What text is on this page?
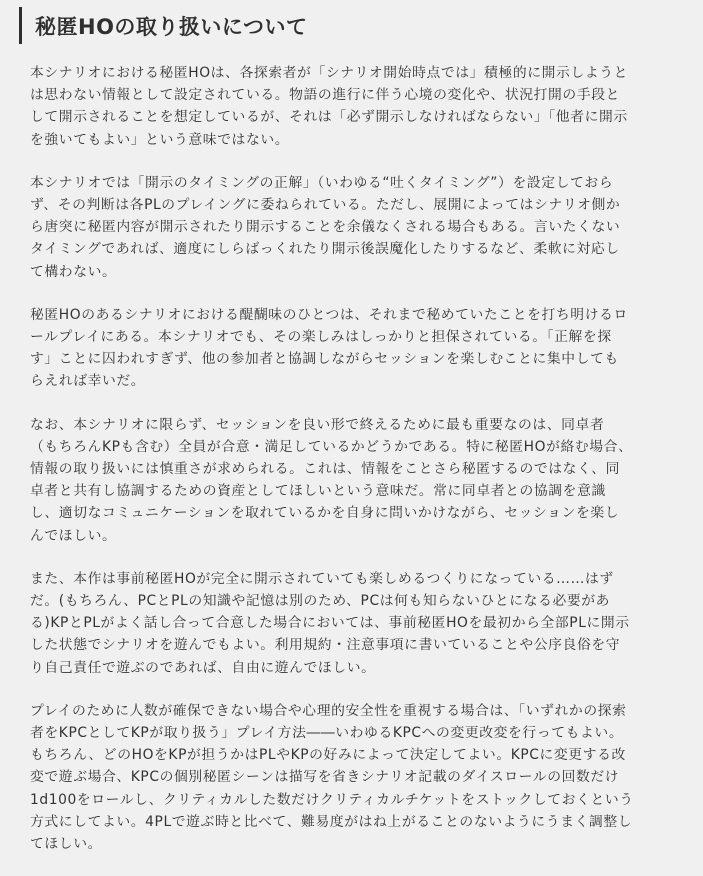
秘匿HOの取り扱いについて

本シナリオにおける秘匿HOは、各探索者が「シナリオ開始時点では」積極的に開示しようと
は思わない情報として設定されている。物語の進行に伴う心境の変化や、状況打開の手段と
して開示されることを想定しているが、それは「必ず開示しなければならない」「他者に開示
を強いてもよい」という意味ではない。

本シナリオでは「開示のタイミングの正解」（いわゆる“吐くタイミング”）を設定しておら
ず、その判断は各PLのプレイングに委ねられている。ただし、展開によってはシナリオ側か
ら唐突に秘匿内容が開示されたり開示することを余儀なくされる場合もある。言いたくない
タイミングであれば、適度にしらばっくれたり開示後誤魔化したりするなど、柔軟に対応し
て構わない。

秘匿HOのあるシナリオにおける醍醐味のひとつは、それまで秘めていたことを打ち明けるロ
ールプレイにある。本シナリオでも、その楽しみはしっかりと担保されている。「正解を探
す」ことに囚われすぎず、他の参加者と協調しながらセッションを楽しむことに集中しても
らえれば幸いだ。

なお、本シナリオに限らず、セッションを良い形で終えるために最も重要なのは、同卓者
（もちろんKPも含む）全員が合意・満足しているかどうかである。特に秘匿HOが絡む場合、
情報の取り扱いには慎重さが求められる。これは、情報をことさら秘匿するのではなく、同
卓者と共有し協調するための資産としてほしいという意味だ。常に同卓者との協調を意識
し、適切なコミュニケーションを取れているかを自身に問いかけながら、セッションを楽し
んでほしい。

また、本作は事前秘匿HOが完全に開示されていても楽しめるつくりになっている……はず
だ。(もちろん、PCとPLの知識や記憶は別のため、PCは何も知らないひとになる必要があ
る)KPとPLがよく話し合って合意した場合においては、事前秘匿HOを最初から全部PLに開示
した状態でシナリオを遊んでもよい。利用規約・注意事項に書いていることや公序良俗を守
り自己責任で遊ぶのであれば、自由に遊んでほしい。

プレイのために人数が確保できない場合や心理的安全性を重視する場合は、「いずれかの探索
者をKPCとしてKPが取り扱う」プレイ方法――いわゆるKPCへの変更改変を行ってもよい。
もちろん、どのHOをKPが担うかはPLやKPの好みによって決定してよい。KPCに変更する改
変で遊ぶ場合、KPCの個別秘匿シーンは描写を省きシナリオ記載のダイスロールの回数だけ
1d100をロールし、クリティカルした数だけクリティカルチケットをストックしておくという
方式にしてよい。4PLで遊ぶ時と比べて、難易度がはね上がることのないようにうまく調整し
てほしい。
